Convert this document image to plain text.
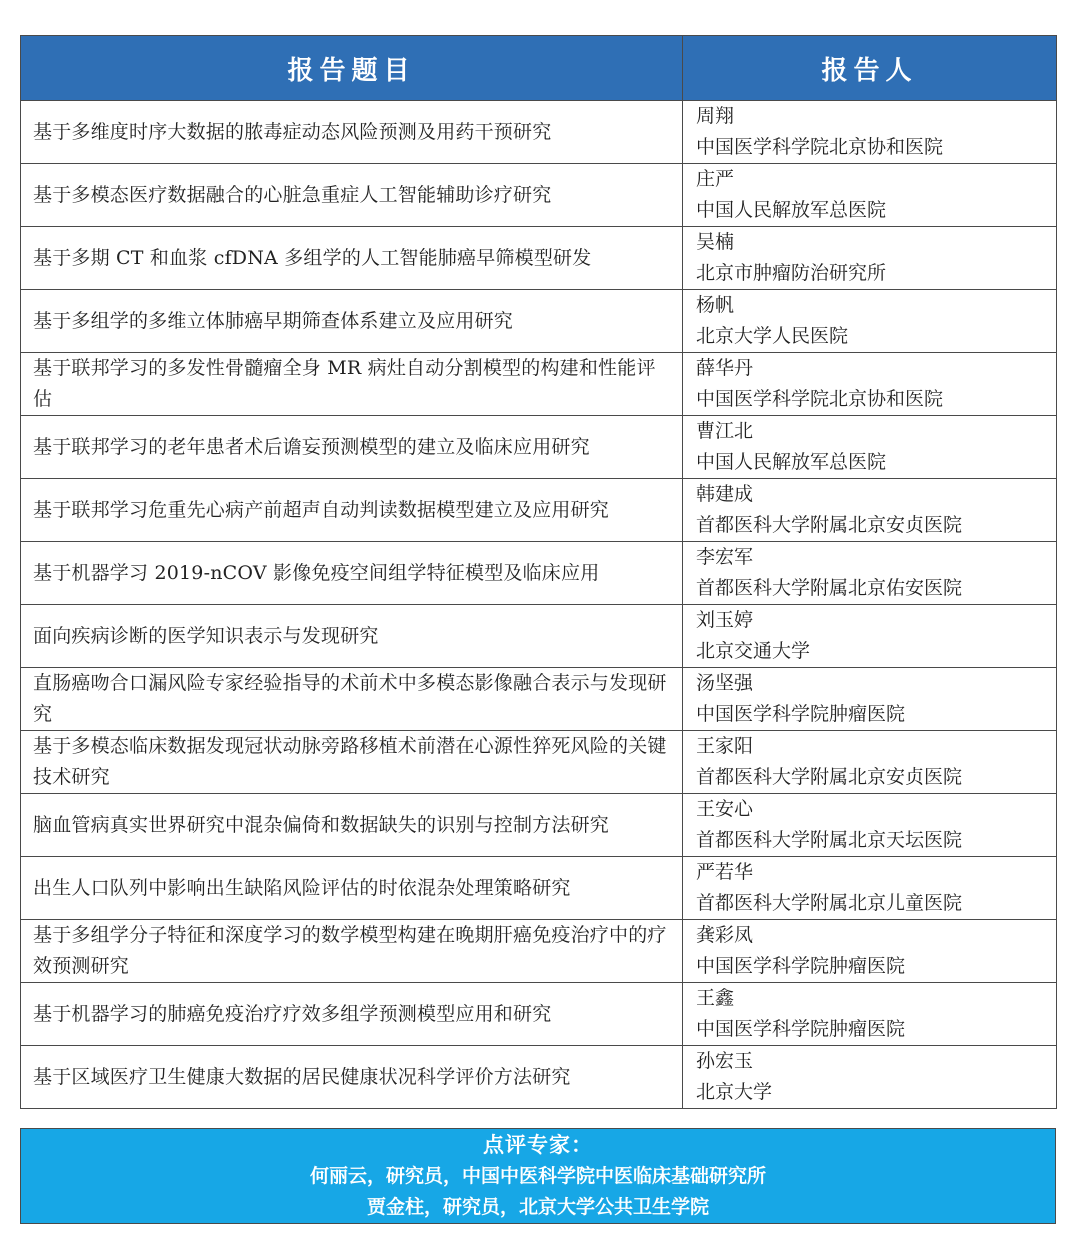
报告题目	报告人
基于多维度时序大数据的脓毒症动态风险预测及用药干预研究	周翔
中国医学科学院北京协和医院

基于多模态医疗数据融合的心脏急重症人工智能辅助诊疗研究	庄严
中国人民解放军总医院

基于多期 CT 和血浆 cfDNA 多组学的人工智能肺癌早筛模型研发	吴楠
北京市肿瘤防治研究所

基于多组学的多维立体肺癌早期筛查体系建立及应用研究	杨帆
北京大学人民医院

基于联邦学习的多发性骨髓瘤全身 MR 病灶自动分割模型的构建和性能评估	薛华丹
中国医学科学院北京协和医院

基于联邦学习的老年患者术后谵妄预测模型的建立及临床应用研究	曹江北
中国人民解放军总医院

基于联邦学习危重先心病产前超声自动判读数据模型建立及应用研究	韩建成
首都医科大学附属北京安贞医院

基于机器学习 2019-nCOV 影像免疫空间组学特征模型及临床应用	李宏军
首都医科大学附属北京佑安医院

面向疾病诊断的医学知识表示与发现研究	刘玉婷
北京交通大学

直肠癌吻合口漏风险专家经验指导的术前术中多模态影像融合表示与发现研究	汤坚强
中国医学科学院肿瘤医院

基于多模态临床数据发现冠状动脉旁路移植术前潜在心源性猝死风险的关键技术研究	王家阳
首都医科大学附属北京安贞医院

脑血管病真实世界研究中混杂偏倚和数据缺失的识别与控制方法研究	王安心
首都医科大学附属北京天坛医院

出生人口队列中影响出生缺陷风险评估的时依混杂处理策略研究	严若华
首都医科大学附属北京儿童医院

基于多组学分子特征和深度学习的数学模型构建在晚期肝癌免疫治疗中的疗效预测研究	龚彩凤
中国医学科学院肿瘤医院

基于机器学习的肺癌免疫治疗疗效多组学预测模型应用和研究	王鑫
中国医学科学院肿瘤医院

基于区域医疗卫生健康大数据的居民健康状况科学评价方法研究	孙宏玉
北京大学
点评专家：
何丽云，研究员，中国中医科学院中医临床基础研究所
贾金柱，研究员，北京大学公共卫生学院
